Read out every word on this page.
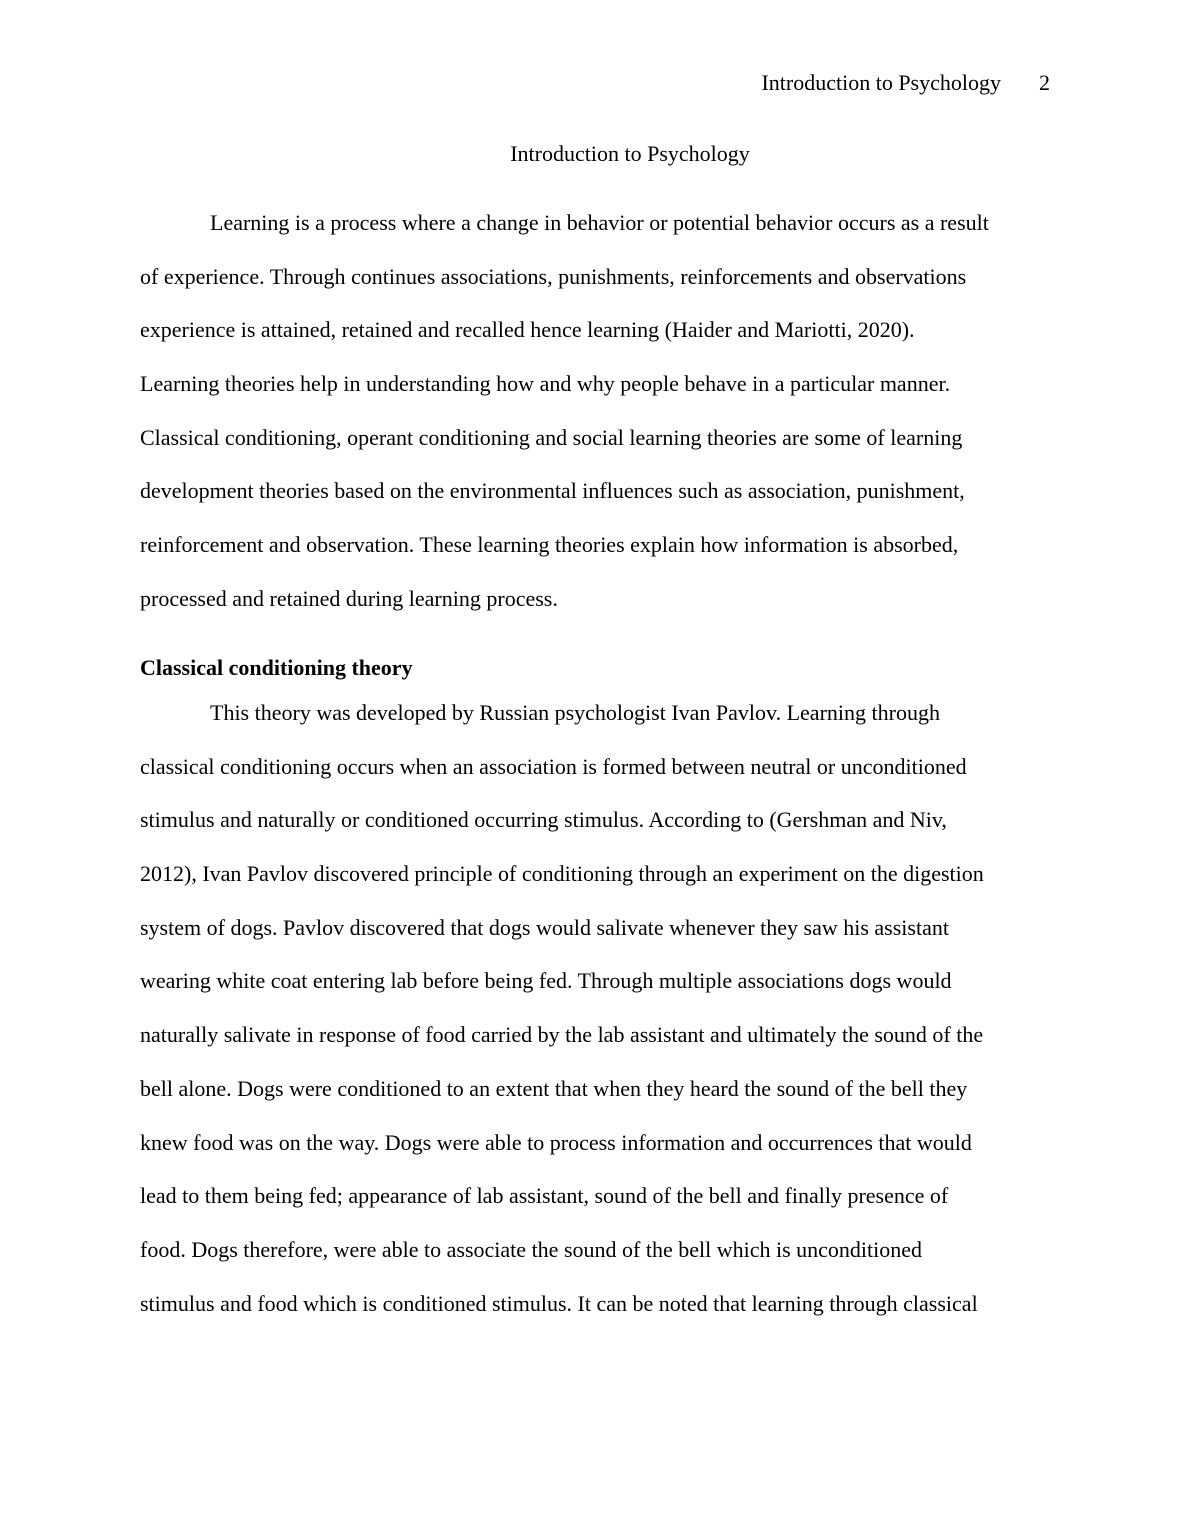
Introduction to Psychology 2
Introduction to Psychology

Learning is a process where a change in behavior or potential behavior occurs as a result
of experience. Through continues associations, punishments, reinforcements and observations
experience is attained, retained and recalled hence learning (Haider and Mariotti, 2020).
Learning theories help in understanding how and why people behave in a particular manner.
Classical conditioning, operant conditioning and social learning theories are some of learning
development theories based on the environmental influences such as association, punishment,
reinforcement and observation. These learning theories explain how information is absorbed,
processed and retained during learning process.

Classical conditioning theory

This theory was developed by Russian psychologist Ivan Pavlov. Learning through
classical conditioning occurs when an association is formed between neutral or unconditioned
stimulus and naturally or conditioned occurring stimulus. According to (Gershman and Niv,
2012), Ivan Pavlov discovered principle of conditioning through an experiment on the digestion
system of dogs. Pavlov discovered that dogs would salivate whenever they saw his assistant
wearing white coat entering lab before being fed. Through multiple associations dogs would
naturally salivate in response of food carried by the lab assistant and ultimately the sound of the
bell alone. Dogs were conditioned to an extent that when they heard the sound of the bell they
knew food was on the way. Dogs were able to process information and occurrences that would
lead to them being fed; appearance of lab assistant, sound of the bell and finally presence of
food. Dogs therefore, were able to associate the sound of the bell which is unconditioned
stimulus and food which is conditioned stimulus. It can be noted that learning through classical
